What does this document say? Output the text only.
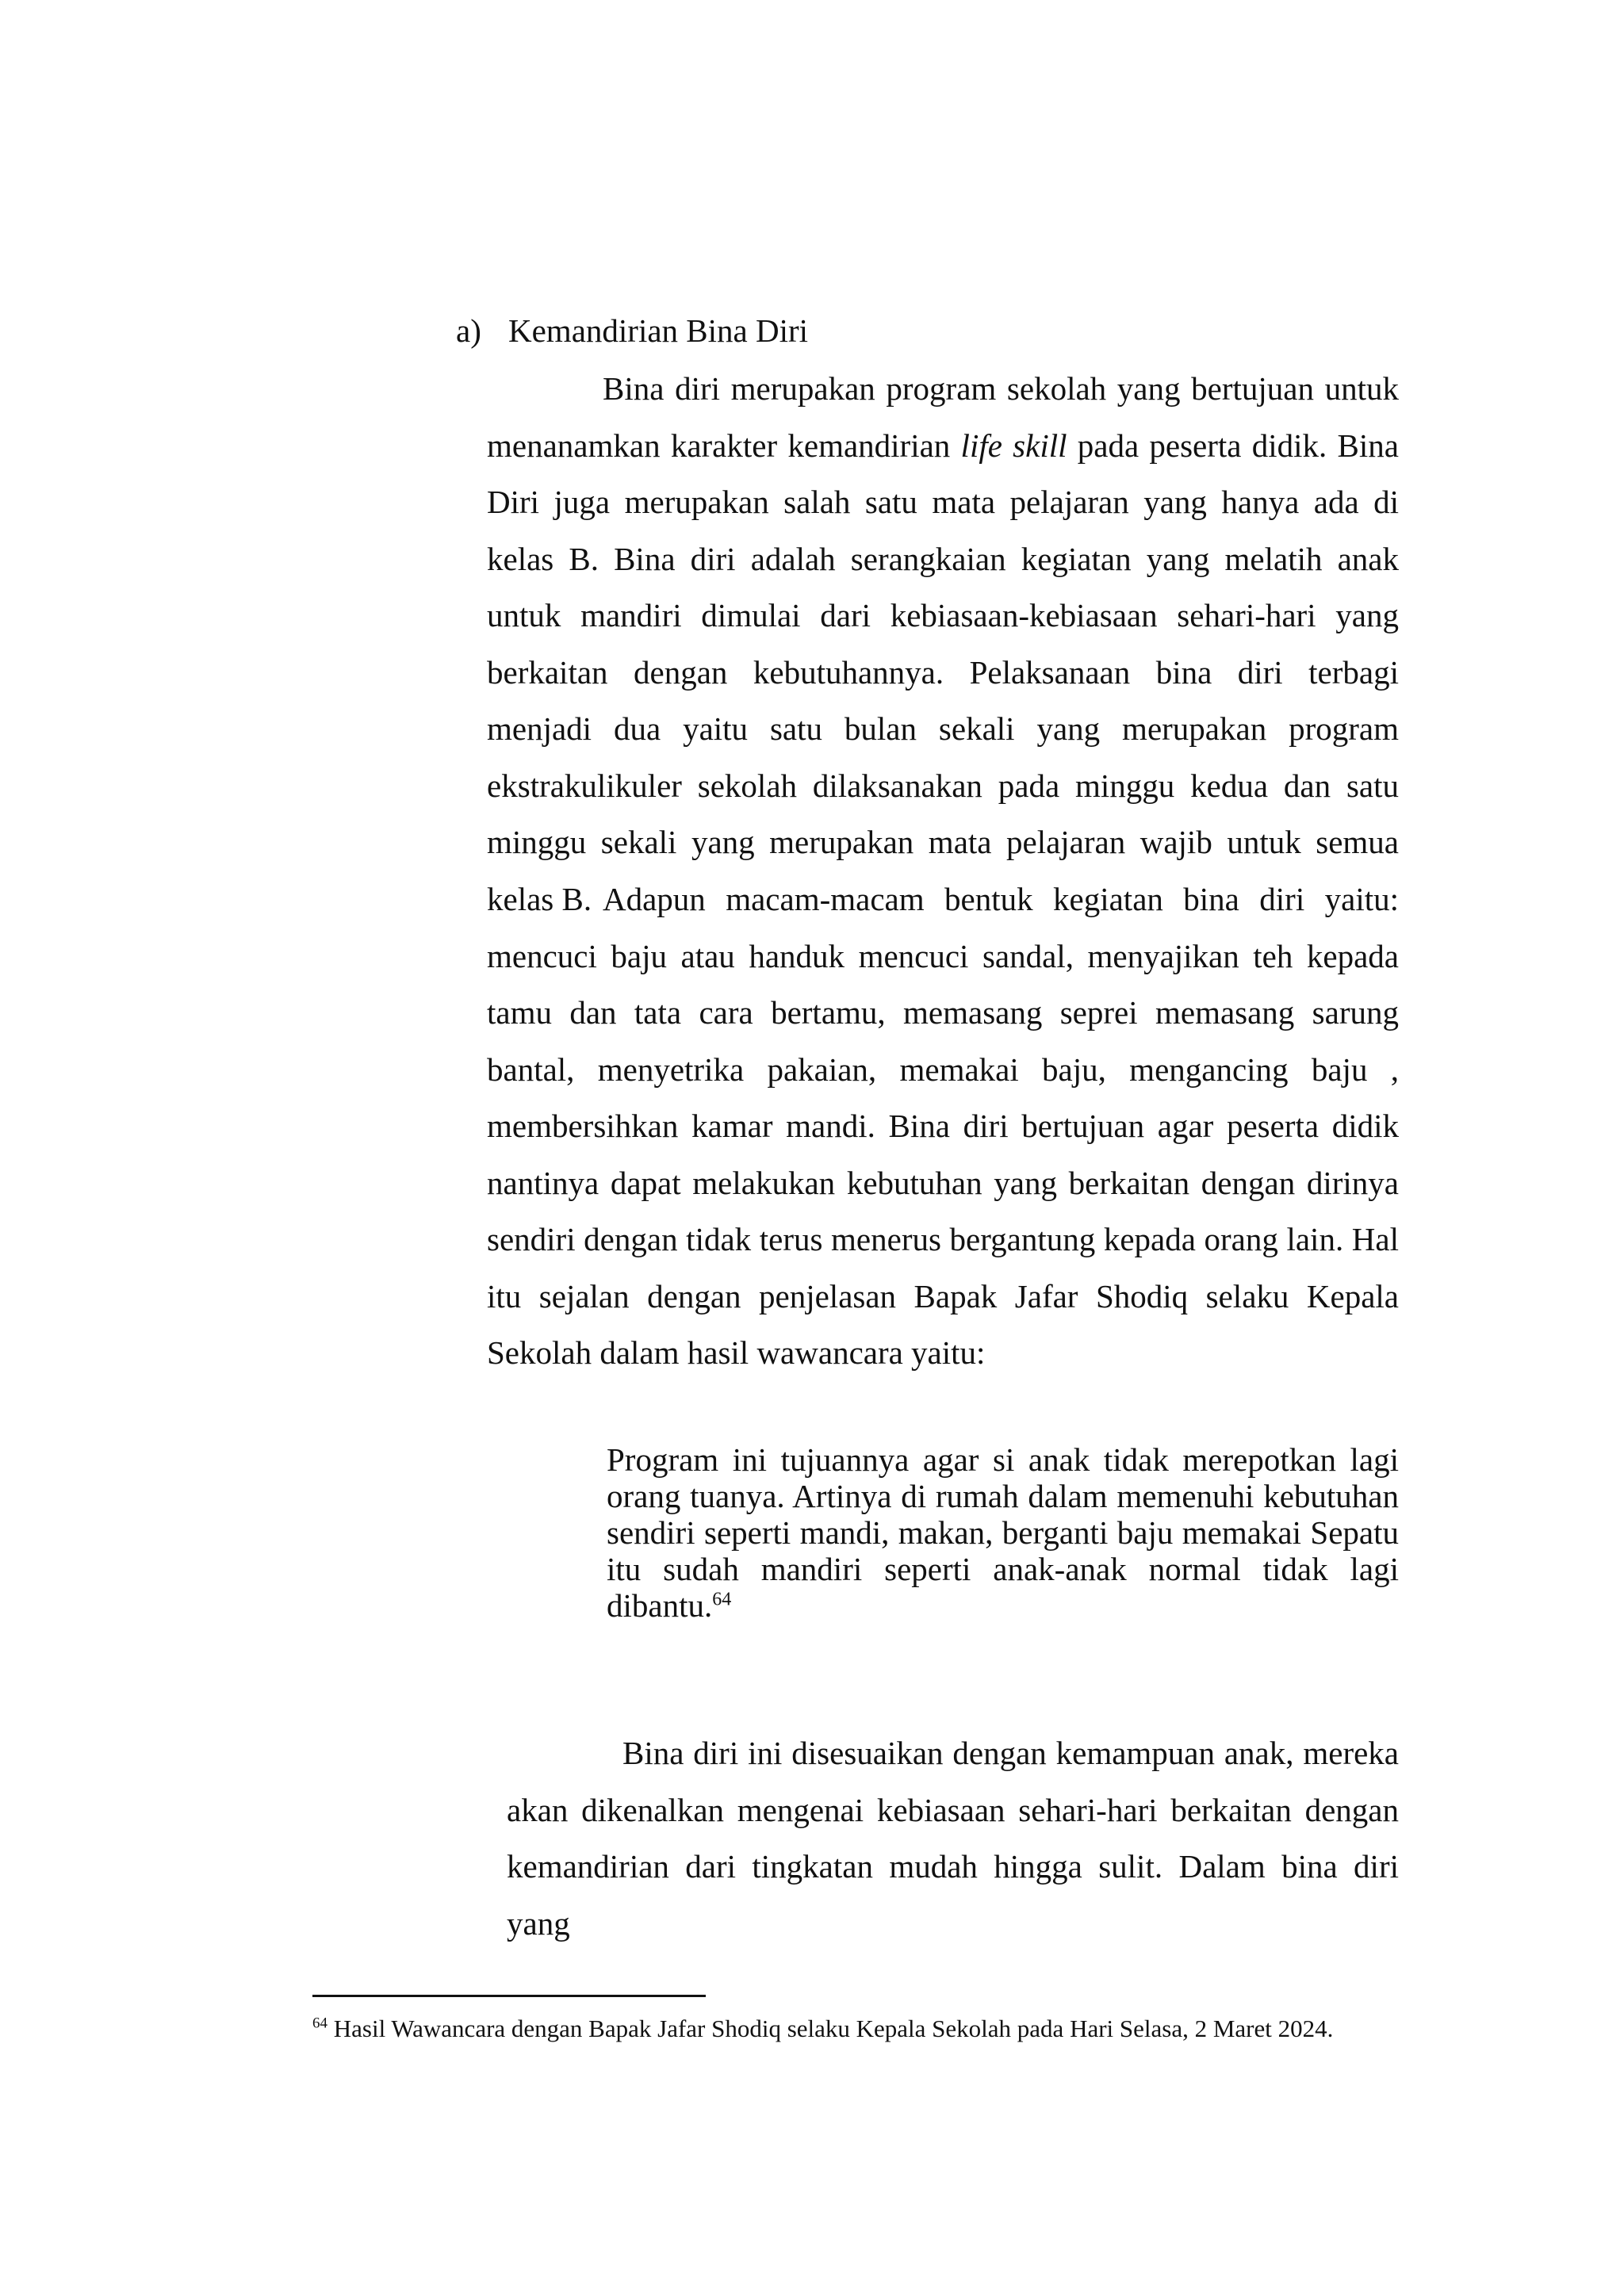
a) Kemandirian Bina Diri

Bina diri merupakan program sekolah yang bertujuan untuk menanamkan karakter kemandirian life skill pada peserta didik. Bina Diri juga merupakan salah satu mata pelajaran yang hanya ada di kelas B. Bina diri adalah serangkaian kegiatan yang melatih anak untuk mandiri dimulai dari kebiasaan-kebiasaan sehari-hari yang berkaitan dengan kebutuhannya. Pelaksanaan bina diri terbagi menjadi dua yaitu satu bulan sekali yang merupakan program ekstrakulikuler sekolah dilaksanakan pada minggu kedua dan satu minggu sekali yang merupakan mata pelajaran wajib untuk semua kelas B. Adapun macam-macam bentuk kegiatan bina diri yaitu: mencuci baju atau handuk mencuci sandal, menyajikan teh kepada tamu dan tata cara bertamu, memasang seprei memasang sarung bantal, menyetrika pakaian, memakai baju, mengancing baju , membersihkan kamar mandi. Bina diri bertujuan agar peserta didik nantinya dapat melakukan kebutuhan yang berkaitan dengan dirinya sendiri dengan tidak terus menerus bergantung kepada orang lain. Hal itu sejalan dengan penjelasan Bapak Jafar Shodiq selaku Kepala Sekolah dalam hasil wawancara yaitu:

Program ini tujuannya agar si anak tidak merepotkan lagi orang tuanya. Artinya di rumah dalam memenuhi kebutuhan sendiri seperti mandi, makan, berganti baju memakai Sepatu itu sudah mandiri seperti anak-anak normal tidak lagi dibantu.$^{64}$

Bina diri ini disesuaikan dengan kemampuan anak, mereka akan dikenalkan mengenai kebiasaan sehari-hari berkaitan dengan kemandirian dari tingkatan mudah hingga sulit. Dalam bina diri yang

$^{64}$ Hasil Wawancara dengan Bapak Jafar Shodiq selaku Kepala Sekolah pada Hari Selasa, 2 Maret 2024.
